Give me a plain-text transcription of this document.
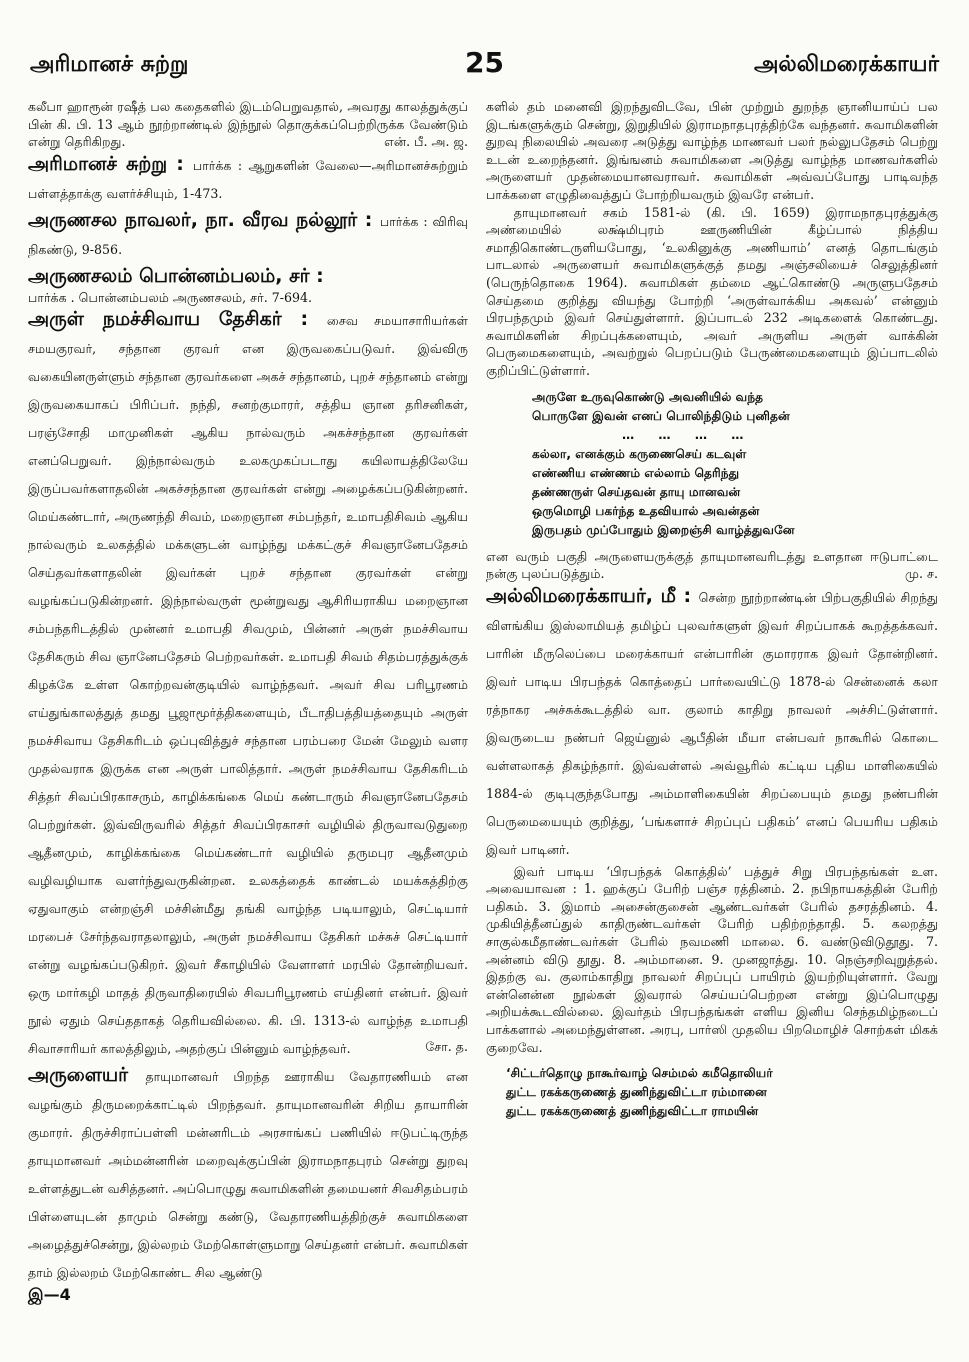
அரிமானச் சுற்று	25	அல்லிமரைக்காயர்

கலீபா ஹாரூன் ரஷீத் பல கதைகளில் இடம்பெறுவதால், அவரது காலத்துக்குப் பின் கி. பி. 13 ஆம் நூற்றாண்டில் இந்நூல் தொகுக்கப்பெற்றிருக்க வேண்டும் என்று தெரிகிறது.	என். பீ. அ. ஜ.

அரிமானச் சுற்று : பார்க்க : ஆறுகளின் வேலை—அரிமானச்சுற்றும் பள்ளத்தாக்கு வளர்ச்சியும், 1-473.

அருணசல நாவலர், நா. வீரவ நல்லூர் : பார்க்க : விரிவு நிகண்டு, 9-856.

அருணசலம் பொன்னம்பலம், சர் :

பார்க்க . பொன்னம்பலம் அருணசலம், சர். 7-694.

அருள் நமச்சிவாய தேசிகர் : சைவ சமயாசாரியர்கள் சமயகுரவர், சந்தான குரவர் என இருவகைப்படுவர். இவ்விரு வகையினருள்ளும் சந்தான குரவர்களை அகச் சந்தானம், புறச் சந்தானம் என்று இருவகையாகப் பிரிப்பர். நந்தி, சனற்குமாரர், சத்திய ஞான தரிசனிகள், பரஞ்சோதி மாமுனிகள் ஆகிய நால்வரும் அகச்சந்தான குரவர்கள் எனப்பெறுவர். இந்நால்வரும் உலகமுகப்படாது கயிலாயத்திலேயே இருப்பவர்களாதலின் அகச்சந்தான குரவர்கள் என்று அழைக்கப்படுகின்றனர். மெய்கண்டார், அருணந்தி சிவம், மறைஞான சம்பந்தர், உமாபதிசிவம் ஆகிய நால்வரும் உலகத்தில் மக்களுடன் வாழ்ந்து மக்கட்குச் சிவஞானேபதேசம் செய்தவர்களாதலின் இவர்கள் புறச் சந்தான குரவர்கள் என்று வழங்கப்படுகின்றனர். இந்நால்வருள் மூன்றுவது ஆசிரியராகிய மறைஞான சம்பந்தரிடத்தில் முன்னர் உமாபதி சிவமும், பின்னர் அருள் நமச்சிவாய தேசிகரும் சிவ ஞானேபதேசம் பெற்றவர்கள். உமாபதி சிவம் சிதம்பரத்துக்குக் கிழக்கே உள்ள கொற்றவன்குடியில் வாழ்ந்தவர். அவர் சிவ பரிபூரணம் எய்துங்காலத்துத் தமது பூஜாமூர்த்திகளையும், பீடாதிபத்தியத்தையும் அருள் நமச்சிவாய தேசிகரிடம் ஒப்புவித்துச் சந்தான பரம்பரை மேன் மேலும் வளர முதல்வராக இருக்க என அருள் பாலித்தார். அருள் நமச்சிவாய தேசிகரிடம் சித்தர் சிவப்பிரகாசரும், காழிக்கங்கை மெய் கண்டாரும் சிவஞானேபதேசம் பெற்றுர்கள். இவ்விருவரில் சித்தர் சிவப்பிரகாசர் வழியில் திருவாவடுதுறை ஆதீனமும், காழிக்கங்கை மெய்கண்டார் வழியில் தருமபுர ஆதீனமும் வழிவழியாக வளர்ந்துவருகின்றன. உலகத்தைக் காண்டல் மயக்கத்திற்கு ஏதுவாகும் என்றஞ்சி மச்சின்மீது தங்கி வாழ்ந்த படியாலும், செட்டியார் மரபைச் சேர்ந்தவராதலாலும், அருள் நமச்சிவாய தேசிகர் மச்சுச் செட்டியார் என்று வழங்கப்படுகிறர். இவர் சீகாழியில் வேளாளர் மரபில் தோன்றியவர். ஒரு மார்கழி மாதத் திருவாதிரையில் சிவபரிபூரணம் எய்தினர் என்பர். இவர் நூல் ஏதும் செய்ததாகத் தெரியவில்லை. கி. பி. 1313-ல் வாழ்ந்த உமாபதி சிவாசாரியர் காலத்திலும், அதற்குப் பின்னும் வாழ்ந்தவர்.	சோ. த.

அருளையர் தாயுமானவர் பிறந்த ஊராகிய வேதாரணியம் என வழங்கும் திருமறைக்காட்டில் பிறந்தவர். தாயுமானவரின் சிறிய தாயாரின் குமாரர். திருச்சிராப்பள்ளி மன்னரிடம் அரசாங்கப் பணியில் ஈடுபட்டிருந்த தாயுமானவர் அம்மன்னரின் மறைவுக்குப்பின் இராமநாதபுரம் சென்று துறவு உள்ளத்துடன் வசித்தனர். அப்பொழுது சுவாமிகளின் தமையனர் சிவசிதம்பரம் பிள்ளையுடன் தாமும் சென்று கண்டு, வேதாரணியத்திற்குச் சுவாமிகளை அழைத்துச்சென்று, இல்லறம் மேற்கொள்ளுமாறு செய்தனர் என்பர். சுவாமிகள் தாம் இல்லறம் மேற்கொண்ட சில ஆண்டு

இ—4

களில் தம் மனைவி இறந்துவிடவே, பின் முற்றும் துறந்த ஞானியாய்ப் பல இடங்களுக்கும் சென்று, இறுதியில் இராமநாதபுரத்திற்கே வந்தனர். சுவாமிகளின் துறவு நிலையில் அவரை அடுத்து வாழ்ந்த மாணவர் பலர் நல்லுபதேசம் பெற்று உடன் உறைந்தனர். இங்ஙனம் சுவாமிகளை அடுத்து வாழ்ந்த மாணவர்களில் அருளையர் முதன்மையானவராவர். சுவாமிகள் அவ்வப்போது பாடிவந்த பாக்களை எழுதிவைத்துப் போற்றியவரும் இவரே என்பர்.

தாயுமானவர் சகம் 1581-ல் (கி. பி. 1659) இராமநாதபுரத்துக்கு அண்மையில் லக்ஷ்மிபுரம் ஊருணியின் கீழ்ப்பால் நித்திய சமாதிகொண்டருளியபோது, ‘உலகினுக்கு அணியாம்’ எனத் தொடங்கும் பாடலால் அருளையர் சுவாமிகளுக்குத் தமது அஞ்சலியைச் செலுத்தினர் (பெருந்தொகை 1964). சுவாமிகள் தம்மை ஆட்கொண்டு அருளுபதேசம் செய்தமை குறித்து வியந்து போற்றி ‘அருள்வாக்கிய அகவல்’ என்னும் பிரபந்தமும் இவர் செய்துள்ளார். இப்பாடல் 232 அடிகளைக் கொண்டது. சுவாமிகளின் சிறப்புக்களையும், அவர் அருளிய அருள் வாக்கின் பெருமைகளையும், அவற்றுல் பெறப்படும் பேருண்மைகளையும் இப்பாடலில் குறிப்பிட்டுள்ளார்.

அருளே உருவுகொண்டு அவனியில் வந்த
பொருளே இவன் எனப் பொலிந்திடும் புனிதன்
… … … …
கல்லா, எனக்கும் கருணைசெய் கடவுள்
எண்ணிய எண்ணம் எல்லாம் தெரிந்து
தண்ணருள் செய்தவன் தாயு மானவன்
ஒருமொழி பகர்ந்த உதவியால் அவன்தன்
இருபதம் முப்போதும் இறைஞ்சி வாழ்த்துவனே

என வரும் பகுதி அருளையருக்குத் தாயுமானவரிடத்து உளதான ஈடுபாட்டை நன்கு புலப்படுத்தும்.	மு. ச.

அல்லிமரைக்காயர், மீ : சென்ற நூற்றாண்டின் பிற்பகுதியில் சிறந்து விளங்கிய இஸ்லாமியத் தமிழ்ப் புலவர்களுள் இவர் சிறப்பாகக் கூறத்தக்கவர். பாரின் மீருலெப்பை மரைக்காயர் என்பாரின் குமாரராக இவர் தோன்றினர். இவர் பாடிய பிரபந்தக் கொத்தைப் பார்வையிட்டு 1878-ல் சென்னைக் கலா ரத்நாகர அச்சுக்கூடத்தில் வா. குலாம் காதிறு நாவலர் அச்சிட்டுள்ளார். இவருடைய நண்பர் ஜெய்னுல் ஆபீதின் மீயா என்பவர் நாகூரில் கொடை வள்ளலாகத் திகழ்ந்தார். இவ்வள்ளல் அவ்வூரில் கட்டிய புதிய மாளிகையில் 1884-ல் குடிபுகுந்தபோது அம்மாளிகையின் சிறப்பையும் தமது நண்பரின் பெருமையையும் குறித்து, ‘பங்களாச் சிறப்புப் பதிகம்’ எனப் பெயரிய பதிகம் இவர் பாடினர்.

இவர் பாடிய ‘பிரபந்தக் கொத்தில்’ பத்துச் சிறு பிரபந்தங்கள் உள. அவையாவன : 1. ஹக்குப் பேரிற் பஞ்ச ரத்தினம். 2. நபிநாயகத்தின் பேரிற் பதிகம். 3. இமாம் அசைன்குசைன் ஆண்டவர்கள் பேரில் தசரத்தினம். 4. முகியித்தீனப்துல் காதிருண்டவர்கள் பேரிற் பதிற்றந்தாதி. 5. கலறத்து சாகுல்கமீதாண்டவர்கள் பேரில் நவமணி மாலை. 6. வண்டுவிடுதூது. 7. அன்னம் விடு தூது. 8. அம்மானை. 9. முனஜாத்து. 10. நெஞ்சறிவுறுத்தல். இதற்கு வ. குலாம்காதிறு நாவலர் சிறப்புப் பாயிரம் இயற்றியுள்ளார். வேறு என்னென்ன நூல்கள் இவரால் செய்யப்பெற்றன என்று இப்பொழுது அறியக்கூடவில்லை. இவர்தம் பிரபந்தங்கள் எளிய இனிய செந்தமிழ்நடைப் பாக்களால் அமைந்துள்ளன. அரபு, பார்ஸி முதலிய பிறமொழிச் சொற்கள் மிகக் குறைவே.

‘சிட்டர்தொழு நாகூர்வாழ் செம்மல் கமீதொலியர்
துட்ட ரகக்கருணைத் துணிந்துவிட்டா ரம்மானை
துட்ட ரகக்கருணைத் துணிந்துவிட்டா ராமயின்
